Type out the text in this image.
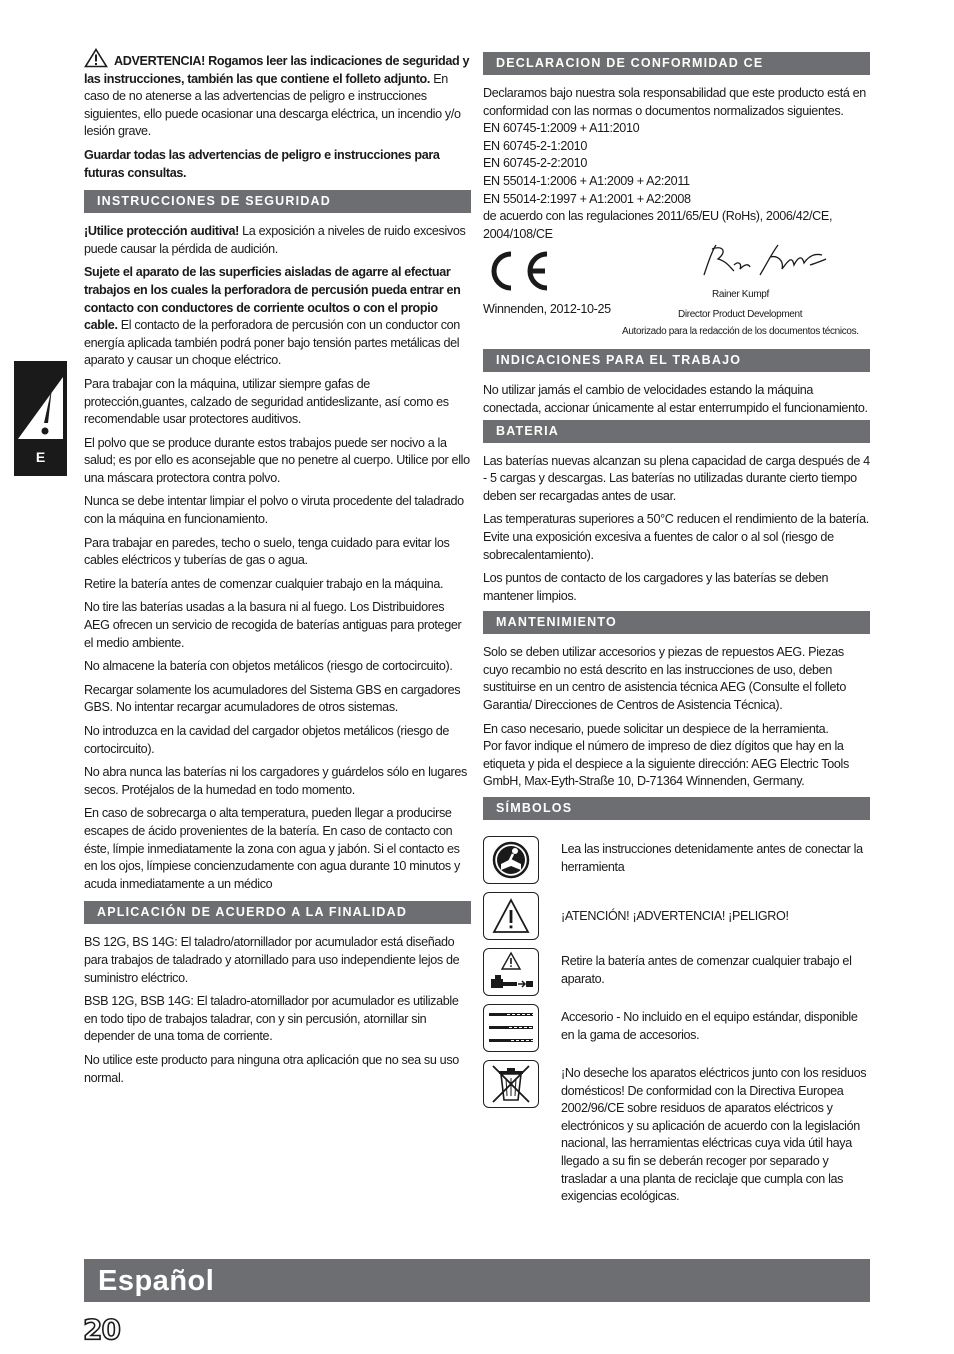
E

ADVERTENCIA! Rogamos leer las indicaciones de seguridad y las instrucciones, también las que contiene el folleto adjunto. En caso de no atenerse a las advertencias de peligro e instrucciones siguientes, ello puede ocasionar una descarga eléctrica, un incendio y/o lesión grave.

Guardar todas las advertencias de peligro e instrucciones para futuras consultas.

INSTRUCCIONES DE SEGURIDAD

¡Utilice protección auditiva! La exposición a niveles de ruido excesivos puede causar la pérdida de audición.

Sujete el aparato de las superficies aisladas de agarre al efectuar trabajos en los cuales la perforadora de percusión pueda entrar en contacto con conductores de corriente ocultos o con el propio cable. El contacto de la perforadora de percusión con un conductor con energía aplicada también podrá poner bajo tensión partes metálicas del aparato y causar un choque eléctrico.

Para trabajar con la máquina, utilizar siempre gafas de protección,guantes, calzado de seguridad antideslizante, así como es recomendable usar protectores auditivos.

El polvo que se produce durante estos trabajos puede ser nocivo a la salud; es por ello es aconsejable que no penetre al cuerpo. Utilice por ello una máscara protectora contra polvo.

Nunca se debe intentar limpiar el polvo o viruta procedente del taladrado con la máquina en funcionamiento.

Para trabajar en paredes, techo o suelo, tenga cuidado para evitar los cables eléctricos y tuberías de gas o agua.

Retire la batería antes de comenzar cualquier trabajo en la máquina.

No tire las baterías usadas a la basura ni al fuego. Los Distribuidores AEG ofrecen un servicio de recogida de baterías antiguas para proteger el medio ambiente.

No almacene la batería con objetos metálicos (riesgo de cortocircuito).

Recargar solamente los acumuladores del Sistema GBS en cargadores GBS. No intentar recargar acumuladores de otros sistemas.

No introduzca en la cavidad del cargador objetos metálicos (riesgo de cortocircuito).

No abra nunca las baterías ni los cargadores y guárdelos sólo en lugares secos. Protéjalos de la humedad en todo momento.

En caso de sobrecarga o alta temperatura, pueden llegar a producirse escapes de ácido provenientes de la batería. En caso de contacto con éste, límpie inmediatamente la zona con agua y jabón. Si el contacto es en los ojos, límpiese concienzudamente con agua durante 10 minutos y acuda inmediatamente a un médico

APLICACIÓN DE ACUERDO A LA FINALIDAD

BS 12G, BS 14G: El taladro/atornillador por acumulador está diseñado para trabajos de taladrado y atornillado para uso independiente lejos de suministro eléctrico.

BSB 12G, BSB 14G: El taladro-atornillador por acumulador es utilizable en todo tipo de trabajos taladrar, con y sin percusión, atornillar sin depender de una toma de corriente.

No utilice este producto para ninguna otra aplicación que no sea su uso normal.

DECLARACION DE CONFORMIDAD CE
Declaramos bajo nuestra sola responsabilidad que este producto está en conformidad con las normas o documentos normalizados siguientes.
EN 60745-1:2009 + A11:2010
EN 60745-2-1:2010
EN 60745-2-2:2010
EN 55014-1:2006 + A1:2009 + A2:2011
EN 55014-2:1997 + A1:2001 + A2:2008
de acuerdo con las regulaciones 2011/65/EU (RoHs), 2006/42/CE, 2004/108/CE
Winnenden, 2012-10-25
Rainer Kumpf
Director Product Development
Autorizado para la redacción de los documentos técnicos.
INDICACIONES PARA EL TRABAJO

No utilizar jamás el cambio de velocidades estando la máquina conectada, accionar únicamente al estar enterrumpido el funcionamiento.

BATERIA

Las baterías nuevas alcanzan su plena capacidad de carga después de 4 - 5 cargas y descargas. Las baterías no utilizadas durante cierto tiempo deben ser recargadas antes de usar.

Las temperaturas superiores a 50°C reducen el rendimiento de la batería. Evite una exposición excesiva a fuentes de calor o al sol (riesgo de sobrecalentamiento).

Los puntos de contacto de los cargadores y las baterías se deben mantener limpios.

MANTENIMIENTO

Solo se deben utilizar accesorios y piezas de repuestos AEG. Piezas cuyo recambio no está descrito en las instrucciones de uso, deben sustituirse en un centro de asistencia técnica AEG (Consulte el folleto Garantia/ Direcciones de Centros de Asistencia Técnica).

En caso necesario, puede solicitar un despiece de la herramienta.
Por favor indique el número de impreso de diez dígitos que hay en la etiqueta y pida el despiece a la siguiente dirección: AEG Electric Tools GmbH, Max-Eyth-Straße 10, D-71364 Winnenden, Germany.

SÍMBOLOS
Lea las instrucciones detenidamente antes de conectar la herramienta
¡ATENCIÓN! ¡ADVERTENCIA! ¡PELIGRO!
Retire la batería antes de comenzar cualquier trabajo el aparato.
Accesorio - No incluido en el equipo estándar, disponible en la gama de accesorios.
¡No deseche los aparatos eléctricos junto con los residuos domésticos! De conformidad con la Directiva Europea 2002/96/CE sobre residuos de aparatos eléctricos y electrónicos y su aplicación de acuerdo con la legislación nacional, las herramientas eléctricas cuya vida útil haya llegado a su fin se deberán recoger por separado y trasladar a una planta de reciclaje que cumpla con las exigencias ecológicas.
Español
20
